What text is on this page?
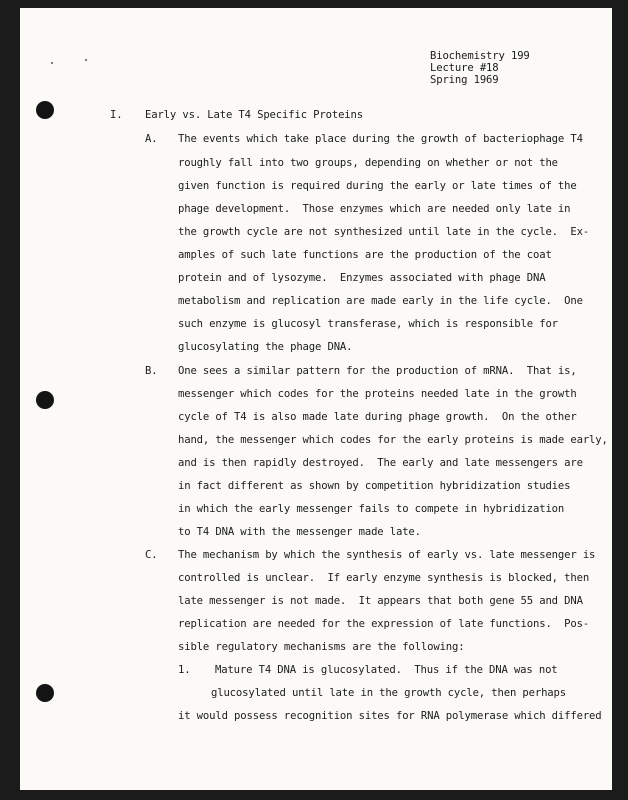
Biochemistry 199

Lecture #18

Spring 1969

I. Early vs. Late T4 Specific Proteins

A. The events which take place during the growth of bacteriophage T4

roughly fall into two groups, depending on whether or not the

given function is required during the early or late times of the

phage development.  Those enzymes which are needed only late in

the growth cycle are not synthesized until late in the cycle.  Ex-

amples of such late functions are the production of the coat

protein and of lysozyme.  Enzymes associated with phage DNA

metabolism and replication are made early in the life cycle.  One

such enzyme is glucosyl transferase, which is responsible for

glucosylating the phage DNA.

B. One sees a similar pattern for the production of mRNA.  That is,

messenger which codes for the proteins needed late in the growth

cycle of T4 is also made late during phage growth.  On the other

hand, the messenger which codes for the early proteins is made early,

and is then rapidly destroyed.  The early and late messengers are

in fact different as shown by competition hybridization studies

in which the early messenger fails to compete in hybridization

to T4 DNA with the messenger made late.

C. The mechanism by which the synthesis of early vs. late messenger is

controlled is unclear.  If early enzyme synthesis is blocked, then

late messenger is not made.  It appears that both gene 55 and DNA

replication are needed for the expression of late functions.  Pos-

sible regulatory mechanisms are the following:

1. Mature T4 DNA is glucosylated.  Thus if the DNA was not

glucosylated until late in the growth cycle, then perhaps

it would possess recognition sites for RNA polymerase which differed
